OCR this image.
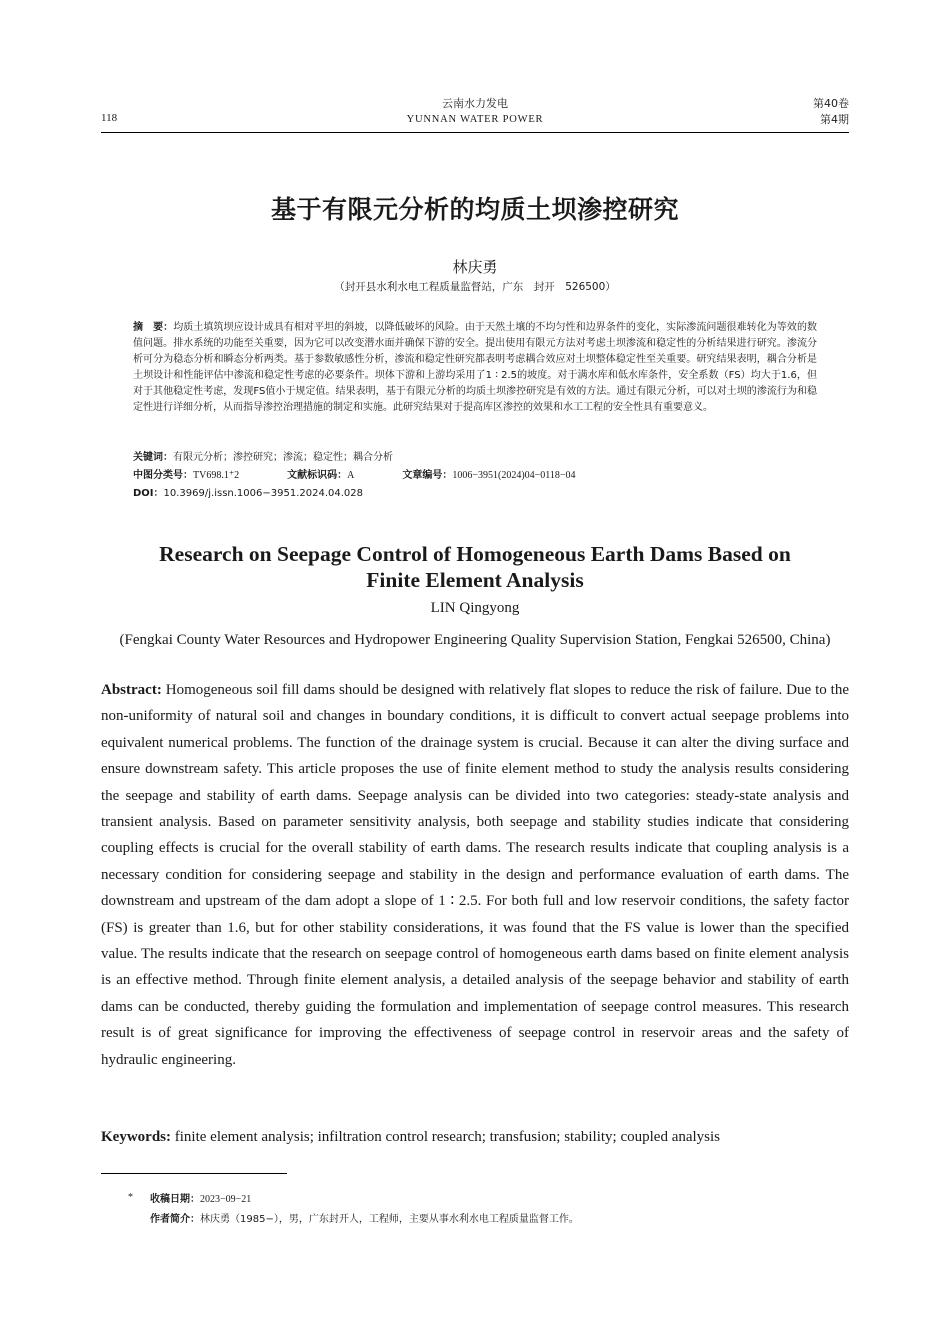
118
云南水力发电
YUNNAN WATER POWER
第40卷
第4期
基于有限元分析的均质土坝渗控研究
林庆勇
（封开县水利水电工程质量监督站，广东　封开　526500）
摘　要：均质土填筑坝应设计成具有相对平坦的斜坡，以降低破坏的风险。由于天然土壤的不均匀性和边界条件的变化，实际渗流问题很难转化为等效的数值问题。排水系统的功能至关重要，因为它可以改变潜水面并确保下游的安全。提出使用有限元方法对考虑土坝渗流和稳定性的分析结果进行研究。渗流分析可分为稳态分析和瞬态分析两类。基于参数敏感性分析，渗流和稳定性研究都表明考虑耦合效应对土坝整体稳定性至关重要。研究结果表明，耦合分析是土坝设计和性能评估中渗流和稳定性考虑的必要条件。坝体下游和上游均采用了1 ∶ 2.5的坡度。对于满水库和低水库条件，安全系数（FS）均大于1.6，但对于其他稳定性考虑，发现FS值小于规定值。结果表明，基于有限元分析的均质土坝渗控研究是有效的方法。通过有限元分析，可以对土坝的渗流行为和稳定性进行详细分析，从而指导渗控治理措施的制定和实施。此研究结果对于提高库区渗控的效果和水工工程的安全性具有重要意义。
关键词：有限元分析；渗控研究；渗流；稳定性；耦合分析
中图分类号：TV698.1⁺2	文献标识码：A	文章编号：1006−3951(2024)04−0118−04
DOI：10.3969/j.issn.1006−3951.2024.04.028
Research on Seepage Control of Homogeneous Earth Dams Based on
Finite Element Analysis
LIN Qingyong
(Fengkai County Water Resources and Hydropower Engineering Quality Supervision Station, Fengkai 526500, China)
Abstract: Homogeneous soil fill dams should be designed with relatively flat slopes to reduce the risk of failure. Due to the non-uniformity of natural soil and changes in boundary conditions, it is difficult to convert actual seepage problems into equivalent numerical problems. The function of the drainage system is crucial. Because it can alter the diving surface and ensure downstream safety. This article proposes the use of finite element method to study the analysis results considering the seepage and stability of earth dams. Seepage analysis can be divided into two categories: steady-state analysis and transient analysis. Based on parameter sensitivity analysis, both seepage and stability studies indicate that considering coupling effects is crucial for the overall stability of earth dams. The research results indicate that coupling analysis is a necessary condition for considering seepage and stability in the design and performance evaluation of earth dams. The downstream and upstream of the dam adopt a slope of 1 ∶ 2.5. For both full and low reservoir conditions, the safety factor (FS) is greater than 1.6, but for other stability considerations, it was found that the FS value is lower than the specified value. The results indicate that the research on seepage control of homogeneous earth dams based on finite element analysis is an effective method. Through finite element analysis, a detailed analysis of the seepage behavior and stability of earth dams can be conducted, thereby guiding the formulation and implementation of seepage control measures. This research result is of great significance for improving the effectiveness of seepage control in reservoir areas and the safety of hydraulic engineering.
Keywords: finite element analysis; infiltration control research; transfusion; stability; coupled analysis
* 收稿日期：2023−09−21
作者简介：林庆勇（1985−），男，广东封开人，工程师，主要从事水利水电工程质量监督工作。
